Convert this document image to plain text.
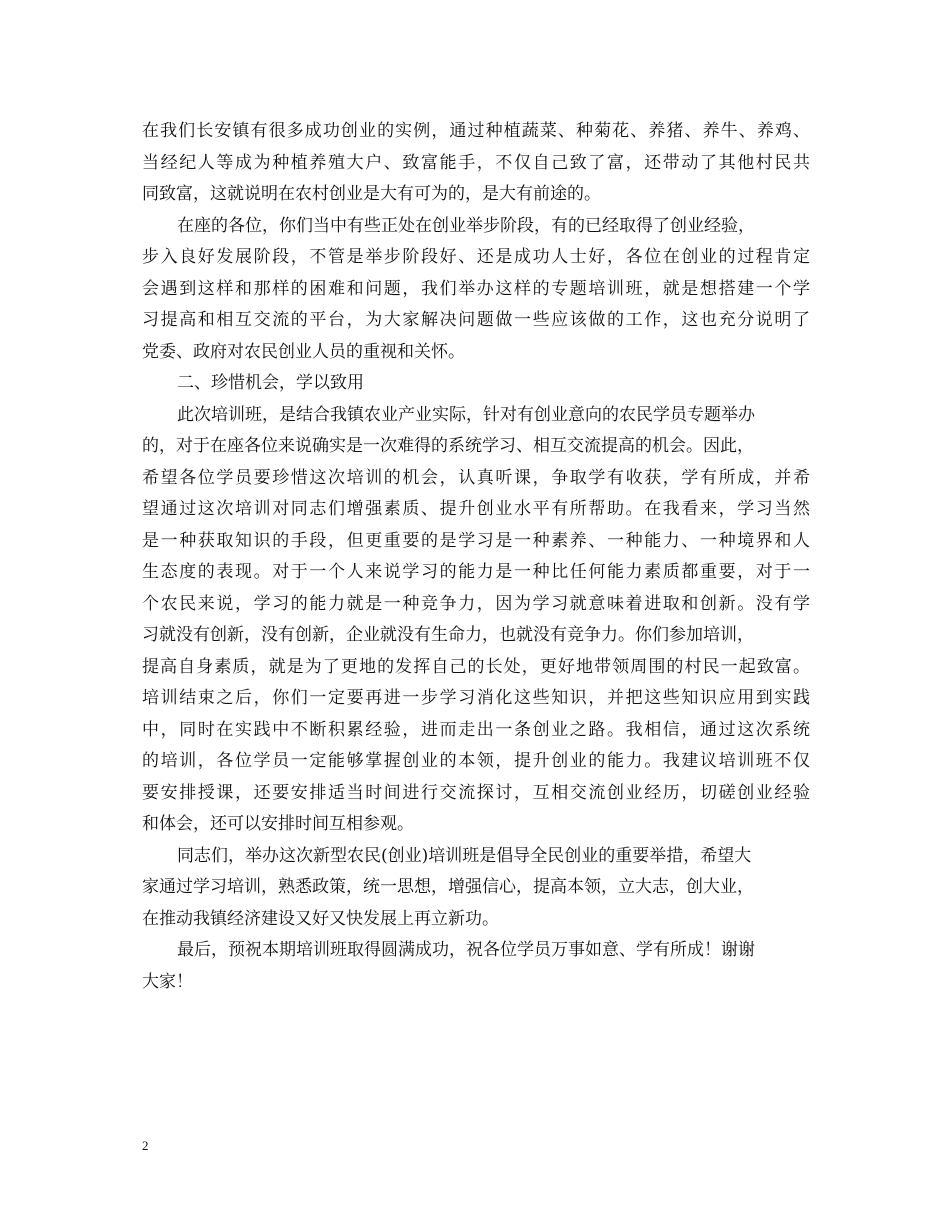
在我们长安镇有很多成功创业的实例，通过种植蔬菜、种菊花、养猪、养牛、养鸡、
当经纪人等成为种植养殖大户、致富能手，不仅自己致了富，还带动了其他村民共
同致富，这就说明在农村创业是大有可为的，是大有前途的。
在座的各位，你们当中有些正处在创业举步阶段，有的已经取得了创业经验，
步入良好发展阶段，不管是举步阶段好、还是成功人士好，各位在创业的过程肯定
会遇到这样和那样的困难和问题，我们举办这样的专题培训班，就是想搭建一个学
习提高和相互交流的平台，为大家解决问题做一些应该做的工作，这也充分说明了
党委、政府对农民创业人员的重视和关怀。
二、珍惜机会，学以致用
此次培训班，是结合我镇农业产业实际，针对有创业意向的农民学员专题举办
的，对于在座各位来说确实是一次难得的系统学习、相互交流提高的机会。因此，
希望各位学员要珍惜这次培训的机会，认真听课，争取学有收获，学有所成，并希
望通过这次培训对同志们增强素质、提升创业水平有所帮助。在我看来，学习当然
是一种获取知识的手段，但更重要的是学习是一种素养、一种能力、一种境界和人
生态度的表现。对于一个人来说学习的能力是一种比任何能力素质都重要，对于一
个农民来说，学习的能力就是一种竞争力，因为学习就意味着进取和创新。没有学
习就没有创新，没有创新，企业就没有生命力，也就没有竞争力。你们参加培训，
提高自身素质，就是为了更地的发挥自己的长处，更好地带领周围的村民一起致富。
培训结束之后，你们一定要再进一步学习消化这些知识，并把这些知识应用到实践
中，同时在实践中不断积累经验，进而走出一条创业之路。我相信，通过这次系统
的培训，各位学员一定能够掌握创业的本领，提升创业的能力。我建议培训班不仅
要安排授课，还要安排适当时间进行交流探讨，互相交流创业经历，切磋创业经验
和体会，还可以安排时间互相参观。
同志们，举办这次新型农民(创业)培训班是倡导全民创业的重要举措，希望大
家通过学习培训，熟悉政策，统一思想，增强信心，提高本领，立大志，创大业，
在推动我镇经济建设又好又快发展上再立新功。
最后，预祝本期培训班取得圆满成功，祝各位学员万事如意、学有所成！谢谢
大家！
2
